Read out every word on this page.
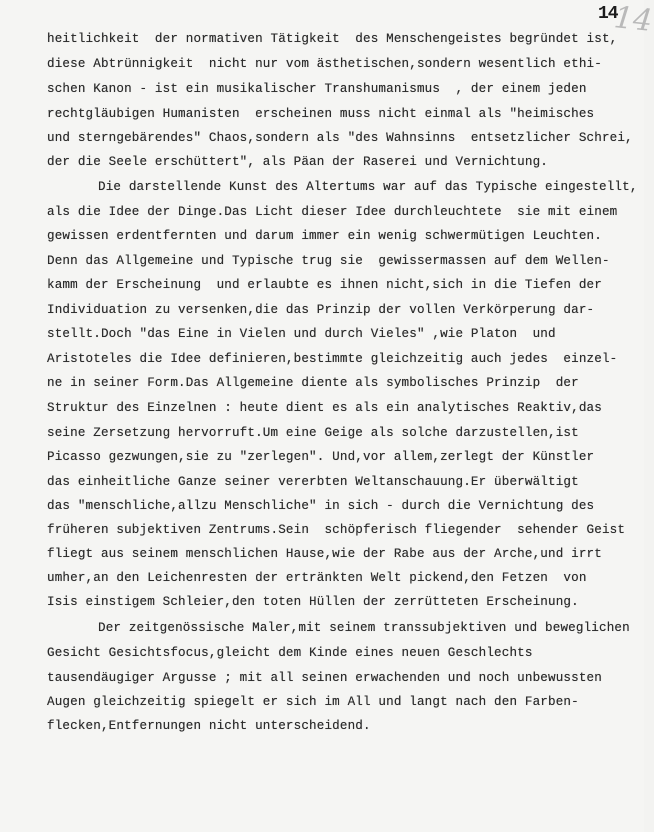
14
14
heitlichkeit  der normativen Tätigkeit  des Menschengeistes begründet ist,
diese Abtrünnigkeit  nicht nur vom ästhetischen,sondern wesentlich ethi-
schen Kanon - ist ein musikalischer Transhumanismus  , der einem jeden
rechtgläubigen Humanisten  erscheinen muss nicht einmal als "heimisches
und sterngebärendes" Chaos,sondern als "des Wahnsinns  entsetzlicher Schrei,
der die Seele erschüttert", als Päan der Raserei und Vernichtung.
Die darstellende Kunst des Altertums war auf das Typische eingestellt,
als die Idee der Dinge.Das Licht dieser Idee durchleuchtete  sie mit einem
gewissen erdentfernten und darum immer ein wenig schwermütigen Leuchten.
Denn das Allgemeine und Typische trug sie  gewissermassen auf dem Wellen-
kamm der Erscheinung  und erlaubte es ihnen nicht,sich in die Tiefen der
Individuation zu versenken,die das Prinzip der vollen Verkörperung dar-
stellt.Doch "das Eine in Vielen und durch Vieles" ,wie Platon  und
Aristoteles die Idee definieren,bestimmte gleichzeitig auch jedes  einzel-
ne in seiner Form.Das Allgemeine diente als symbolisches Prinzip  der
Struktur des Einzelnen : heute dient es als ein analytisches Reaktiv,das
seine Zersetzung hervorruft.Um eine Geige als solche darzustellen,ist
Picasso gezwungen,sie zu "zerlegen". Und,vor allem,zerlegt der Künstler
das einheitliche Ganze seiner vererbten Weltanschauung.Er überwältigt
das "menschliche,allzu Menschliche" in sich - durch die Vernichtung des
früheren subjektiven Zentrums.Sein  schöpferisch fliegender  sehender Geist
fliegt aus seinem menschlichen Hause,wie der Rabe aus der Arche,und irrt
umher,an den Leichenresten der ertränkten Welt pickend,den Fetzen  von
Isis einstigem Schleier,den toten Hüllen der zerrütteten Erscheinung.
Der zeitgenössische Maler,mit seinem transsubjektiven und beweglichen
Gesicht Gesichtsfocus,gleicht dem Kinde eines neuen Geschlechts
tausendäugiger Argusse ; mit all seinen erwachenden und noch unbewussten
Augen gleichzeitig spiegelt er sich im All und langt nach den Farben-
flecken,Entfernungen nicht unterscheidend.
